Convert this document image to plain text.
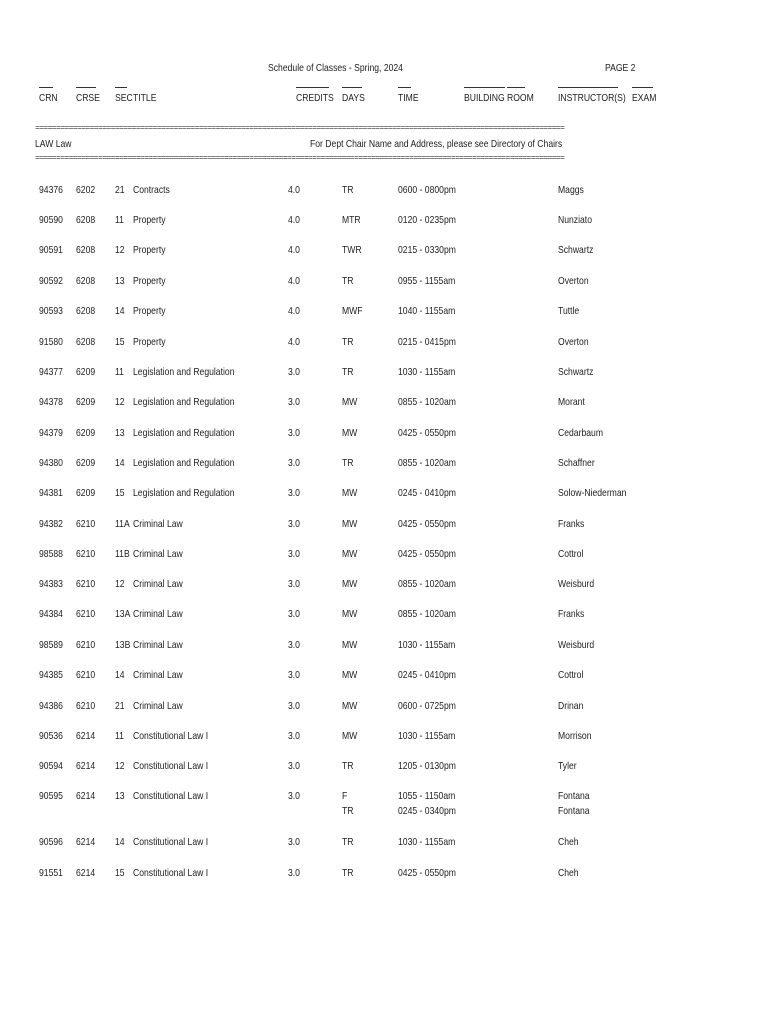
Schedule of Classes - Spring, 2024	PAGE 2
CRN CRSE SEC TITLE	CREDITS DAYS	TIME	BUILDING ROOM INSTRUCTOR(S) EXAM
==============================================================================================================================
LAW Law	For Dept Chair Name and Address, please see Directory of Chairs
==============================================================================================================================
94376 6202 21 Contracts	4.0	TR	0600 - 0800pm	Maggs
90590 6208 11 Property	4.0	MTR	0120 - 0235pm	Nunziato
90591 6208 12 Property	4.0	TWR	0215 - 0330pm	Schwartz
90592 6208 13 Property	4.0	TR	0955 - 1155am	Overton
90593 6208 14 Property	4.0	MWF	1040 - 1155am	Tuttle
91580 6208 15 Property	4.0	TR	0215 - 0415pm	Overton
94377 6209 11 Legislation and Regulation	3.0	TR	1030 - 1155am	Schwartz
94378 6209 12 Legislation and Regulation	3.0	MW	0855 - 1020am	Morant
94379 6209 13 Legislation and Regulation	3.0	MW	0425 - 0550pm	Cedarbaum
94380 6209 14 Legislation and Regulation	3.0	TR	0855 - 1020am	Schaffner
94381 6209 15 Legislation and Regulation	3.0	MW	0245 - 0410pm	Solow-Niederman
94382 6210 11A Criminal Law	3.0	MW	0425 - 0550pm	Franks
98588 6210 11B Criminal Law	3.0	MW	0425 - 0550pm	Cottrol
94383 6210 12 Criminal Law	3.0	MW	0855 - 1020am	Weisburd
94384 6210 13A Criminal Law	3.0	MW	0855 - 1020am	Franks
98589 6210 13B Criminal Law	3.0	MW	1030 - 1155am	Weisburd
94385 6210 14 Criminal Law	3.0	MW	0245 - 0410pm	Cottrol
94386 6210 21 Criminal Law	3.0	MW	0600 - 0725pm	Drinan
90536 6214 11 Constitutional Law I	3.0	MW	1030 - 1155am	Morrison
90594 6214 12 Constitutional Law I	3.0	TR	1205 - 0130pm	Tyler
90595 6214 13 Constitutional Law I	3.0	F	1055 - 1150am	Fontana
TR	0245 - 0340pm	Fontana
90596 6214 14 Constitutional Law I	3.0	TR	1030 - 1155am	Cheh
91551 6214 15 Constitutional Law I	3.0	TR	0425 - 0550pm	Cheh
